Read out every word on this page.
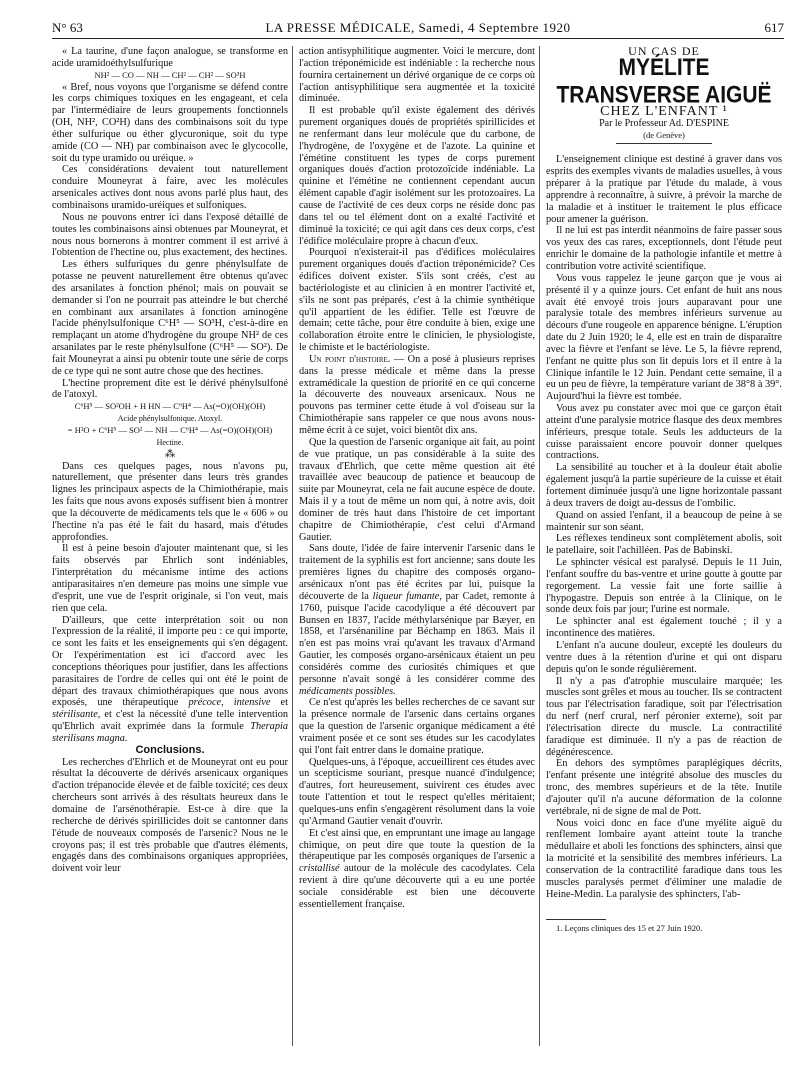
N° 63	LA PRESSE MÉDICALE, Samedi, 4 Septembre 1920	617

« La taurine, d'une façon analogue, se transforme en acide uramidoéthylsulfurique

NH² — CO — NH — CH² — CH² — SO³H

« Bref, nous voyons que l'organisme se défend contre les corps chimiques toxiques en les engageant, et cela par l'intermédiaire de leurs groupements fonctionnels (OH, NH², CO²H) dans des combinaisons soit du type éther sulfurique ou éther glycuronique, soit du type amide (CO — NH) par combinaison avec le glycocolle, soit du type uramido ou uréique. »

Ces considérations devaient tout naturellement conduire Mouneyrat à faire, avec les molécules arsenicales actives dont nous avons parlé plus haut, des combinaisons uramido-uréiques et sulfoniques.

Nous ne pouvons entrer ici dans l'exposé détaillé de toutes les combinaisons ainsi obtenues par Mouneyrat, et nous nous bornerons à montrer comment il est arrivé à l'obtention de l'hectine ou, plus exactement, des hectines.

Les éthers sulfuriques du genre phénylsulfate de potasse ne peuvent naturellement être obtenus qu'avec des arsanilates à fonction phénol; mais on pouvait se demander si l'on ne pourrait pas atteindre le but cherché en combinant aux arsanilates à fonction aminogène l'acide phénylsulfonique C⁶H⁵ — SO³H, c'est-à-dire en remplaçant un atome d'hydrogène du groupe NH² de ces arsanilates par le reste phénylsulfone (C⁶H⁵ — SO²). De fait Mouneyrat a ainsi pu obtenir toute une série de corps de ce type qui ne sont autre chose que des hectines.

L'hectine proprement dite est le dérivé phénylsulfoné de l'atoxyl.

C⁶H⁵ — SO²OH + H HN — C⁶H⁴ — As(=O)(OH)(OH)

Acide phénylsulfonique. Atoxyl.

= H²O + C⁶H⁵ — SO² — NH — C⁶H⁴ — As(=O)(OH)(OH)

Hectine.

⁂

Dans ces quelques pages, nous n'avons pu, naturellement, que présenter dans leurs très grandes lignes les principaux aspects de la Chimiothérapie, mais les faits que nous avons exposés suffisent bien à montrer que la découverte de médicaments tels que le « 606 » ou l'hectine n'a pas été le fait du hasard, mais d'études approfondies.

Il est à peine besoin d'ajouter maintenant que, si les faits observés par Ehrlich sont indéniables, l'interprétation du mécanisme intime des actions antiparasitaires n'en demeure pas moins une simple vue d'esprit, une vue de l'esprit originale, si l'on veut, mais rien que cela.

D'ailleurs, que cette interprétation soit ou non l'expression de la réalité, il importe peu : ce qui importe, ce sont les faits et les enseignements qui s'en dégagent. Or l'expérimentation est ici d'accord avec les conceptions théoriques pour justifier, dans les affections parasitaires de l'ordre de celles qui ont été le point de départ des travaux chimiothérapiques que nous avons exposés, une thérapeutique précoce, intensive et stérilisante, et c'est la nécessité d'une telle intervention qu'Ehrlich avait exprimée dans la formule Therapia sterilisans magna.

Conclusions.

Les recherches d'Ehrlich et de Mouneyrat ont eu pour résultat la découverte de dérivés arsenicaux organiques d'action trépanocide élevée et de faible toxicité; ces deux chercheurs sont arrivés à des résultats heureux dans le domaine de l'arsénothérapie. Est-ce à dire que la recherche de dérivés spirillicides doit se cantonner dans l'étude de nouveaux composés de l'arsenic? Nous ne le croyons pas; il est très probable que d'autres éléments, engagés dans des combinaisons organiques appropriées, doivent voir leur

action antisyphilitique augmenter. Voici le mercure, dont l'action tréponémicide est indéniable : la recherche nous fournira certainement un dérivé organique de ce corps où l'action antisyphilitique sera augmentée et la toxicité diminuée.

Il est probable qu'il existe également des dérivés purement organiques doués de propriétés spirillicides et ne renfermant dans leur molécule que du carbone, de l'hydrogène, de l'oxygène et de l'azote. La quinine et l'émétine constituent les types de corps purement organiques doués d'action protozoïcide indéniable. La quinine et l'émétine ne contiennent cependant aucun élément capable d'agir isolément sur les protozoaires. La cause de l'activité de ces deux corps ne réside donc pas dans tel ou tel élément dont on a exalté l'activité et diminué la toxicité; ce qui agit dans ces deux corps, c'est l'édifice moléculaire propre à chacun d'eux.

Pourquoi n'existerait-il pas d'édifices moléculaires purement organiques doués d'action tréponémicide? Ces édifices doivent exister. S'ils sont créés, c'est au bactériologiste et au clinicien à en montrer l'activité et, s'ils ne sont pas préparés, c'est à la chimie synthétique qu'il appartient de les édifier. Telle est l'œuvre de demain; cette tâche, pour être conduite à bien, exige une collaboration étroite entre le clinicien, le physiologiste, le chimiste et le bactériologiste.

Un point d'histoire. — On a posé à plusieurs reprises dans la presse médicale et même dans la presse extramédicale la question de priorité en ce qui concerne la découverte des nouveaux arsenicaux. Nous ne pouvons pas terminer cette étude à vol d'oiseau sur la Chimiothérapie sans rappeler ce que nous avons nous-même écrit à ce sujet, voici bientôt dix ans.

Que la question de l'arsenic organique ait fait, au point de vue pratique, un pas considérable à la suite des travaux d'Ehrlich, que cette même question ait été travaillée avec beaucoup de patience et beaucoup de suite par Mouneyrat, cela ne fait aucune espèce de doute. Mais il y a tout de même un nom qui, à notre avis, doit dominer de très haut dans l'histoire de cet important chapitre de Chimiothérapie, c'est celui d'Armand Gautier.

Sans doute, l'idée de faire intervenir l'arsenic dans le traitement de la syphilis est fort ancienne; sans doute les premières lignes du chapitre des composés organo-arsénicaux n'ont pas été écrites par lui, puisque la découverte de la liqueur fumante, par Cadet, remonte à 1760, puisque l'acide cacodylique a été découvert par Bunsen en 1837, l'acide méthylarsénique par Bæyer, en 1858, et l'arsénaniline par Béchamp en 1863. Mais il n'en est pas moins vrai qu'avant les travaux d'Armand Gautier, les composés organo-arsénicaux étaient un peu considérés comme des curiosités chimiques et que personne n'avait songé à les considérer comme des médicaments possibles.

Ce n'est qu'après les belles recherches de ce savant sur la présence normale de l'arsenic dans certains organes que la question de l'arsenic organique médicament a été vraiment posée et ce sont ses études sur les cacodylates qui l'ont fait entrer dans le domaine pratique.

Quelques-uns, à l'époque, accueillirent ces études avec un scepticisme souriant, presque nuancé d'indulgence; d'autres, fort heureusement, suivirent ces études avec toute l'attention et tout le respect qu'elles méritaient; quelques-uns enfin s'engagèrent résolument dans la voie qu'Armand Gautier venait d'ouvrir.

Et c'est ainsi que, en empruntant une image au langage chimique, on peut dire que toute la question de la thérapeutique par les composés organiques de l'arsenic a cristallisé autour de la molécule des cacodylates. Cela revient à dire qu'une découverte qui a eu une portée sociale considérable est bien une découverte essentiellement française.

UN CAS DE

MYÉLITE TRANSVERSE AIGUË

CHEZ L'ENFANT ¹

Par le Professeur Ad. D'ESPINE

(de Genève)

L'enseignement clinique est destiné à graver dans vos esprits des exemples vivants de maladies usuelles, à vous préparer à la pratique par l'étude du malade, à vous apprendre à reconnaître, à suivre, à prévoir la marche de la maladie et à instituer le traitement le plus efficace pour amener la guérison.

Il ne lui est pas interdit néanmoins de faire passer sous vos yeux des cas rares, exceptionnels, dont l'étude peut enrichir le domaine de la pathologie infantile et mettre à contribution votre activité scientifique.

Vous vous rappelez le jeune garçon que je vous ai présenté il y a quinze jours. Cet enfant de huit ans nous avait été envoyé trois jours auparavant pour une paralysie totale des membres inférieurs survenue au décours d'une rougeole en apparence bénigne. L'éruption date du 2 Juin 1920; le 4, elle est en train de disparaître avec la fièvre et l'enfant se lève. Le 5, la fièvre reprend, l'enfant ne quitte plus son lit depuis lors et il entre à la Clinique infantile le 12 Juin. Pendant cette semaine, il a eu un peu de fièvre, la température variant de 38°8 à 39°. Aujourd'hui la fièvre est tombée.

Vous avez pu constater avec moi que ce garçon était atteint d'une paralysie motrice flasque des deux membres inférieurs, presque totale. Seuls les adducteurs de la cuisse paraissaient encore pouvoir donner quelques contractions.

La sensibilité au toucher et à la douleur était abolie également jusqu'à la partie supérieure de la cuisse et était fortement diminuée jusqu'à une ligne horizontale passant à deux travers de doigt au-dessus de l'ombilic.

Quand on assied l'enfant, il a beaucoup de peine à se maintenir sur son séant.

Les réflexes tendineux sont complètement abolis, soit le patellaire, soit l'achilléen. Pas de Babinski.

Le sphincter vésical est paralysé. Depuis le 11 Juin, l'enfant souffre du bas-ventre et urine goutte à goutte par regorgement. La vessie fait une forte saillie à l'hypogastre. Depuis son entrée à la Clinique, on le sonde deux fois par jour; l'urine est normale.

Le sphincter anal est également touché ; il y a incontinence des matières.

L'enfant n'a aucune douleur, excepté les douleurs du ventre dues à la rétention d'urine et qui ont disparu depuis qu'on le sonde régulièrement.

Il n'y a pas d'atrophie musculaire marquée; les muscles sont grêles et mous au toucher. Ils se contractent tous par l'électrisation faradique, soit par l'électrisation du nerf (nerf crural, nerf péronier externe), soit par l'électrisation directe du muscle. La contractilité faradique est diminuée. Il n'y a pas de réaction de dégénérescence.

En dehors des symptômes paraplégiques décrits, l'enfant présente une intégrité absolue des muscles du tronc, des membres supérieurs et de la tête. Inutile d'ajouter qu'il n'a aucune déformation de la colonne vertébrale, ni de signe de mal de Pott.

Nous voici donc en face d'une myélite aiguë du renflement lombaire ayant atteint toute la tranche médullaire et aboli les fonctions des sphincters, ainsi que la motricité et la sensibilité des membres inférieurs. La conservation de la contractilité faradique dans tous les muscles paralysés permet d'éliminer une maladie de Heine-Medin. La paralysie des sphincters, l'ab-

1. Leçons cliniques des 15 et 27 Juin 1920.
